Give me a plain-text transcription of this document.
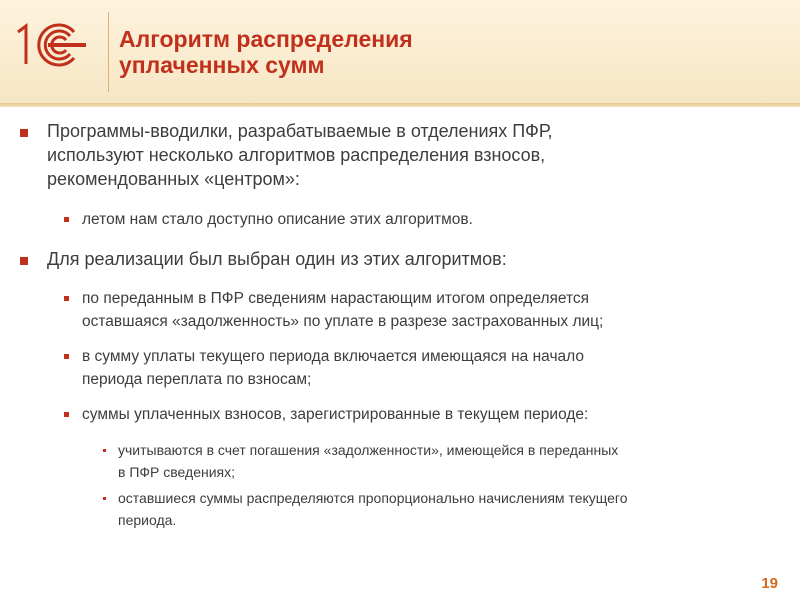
Алгоритм распределения
уплаченных сумм
Программы-вводилки, разрабатываемые в отделениях ПФР,
используют несколько алгоритмов распределения взносов,
рекомендованных «центром»:
летом нам стало доступно описание этих алгоритмов.
Для реализации был выбран один из этих алгоритмов:
по переданным в ПФР сведениям нарастающим итогом определяется
оставшаяся «задолженность» по уплате в разрезе застрахованных лиц;
в сумму уплаты текущего периода включается имеющаяся на начало
периода переплата по взносам;
суммы уплаченных взносов, зарегистрированные в текущем периоде:
учитываются в счет погашения «задолженности», имеющейся в переданных
в ПФР сведениях;
оставшиеся суммы распределяются пропорционально начислениям текущего
периода.
19
